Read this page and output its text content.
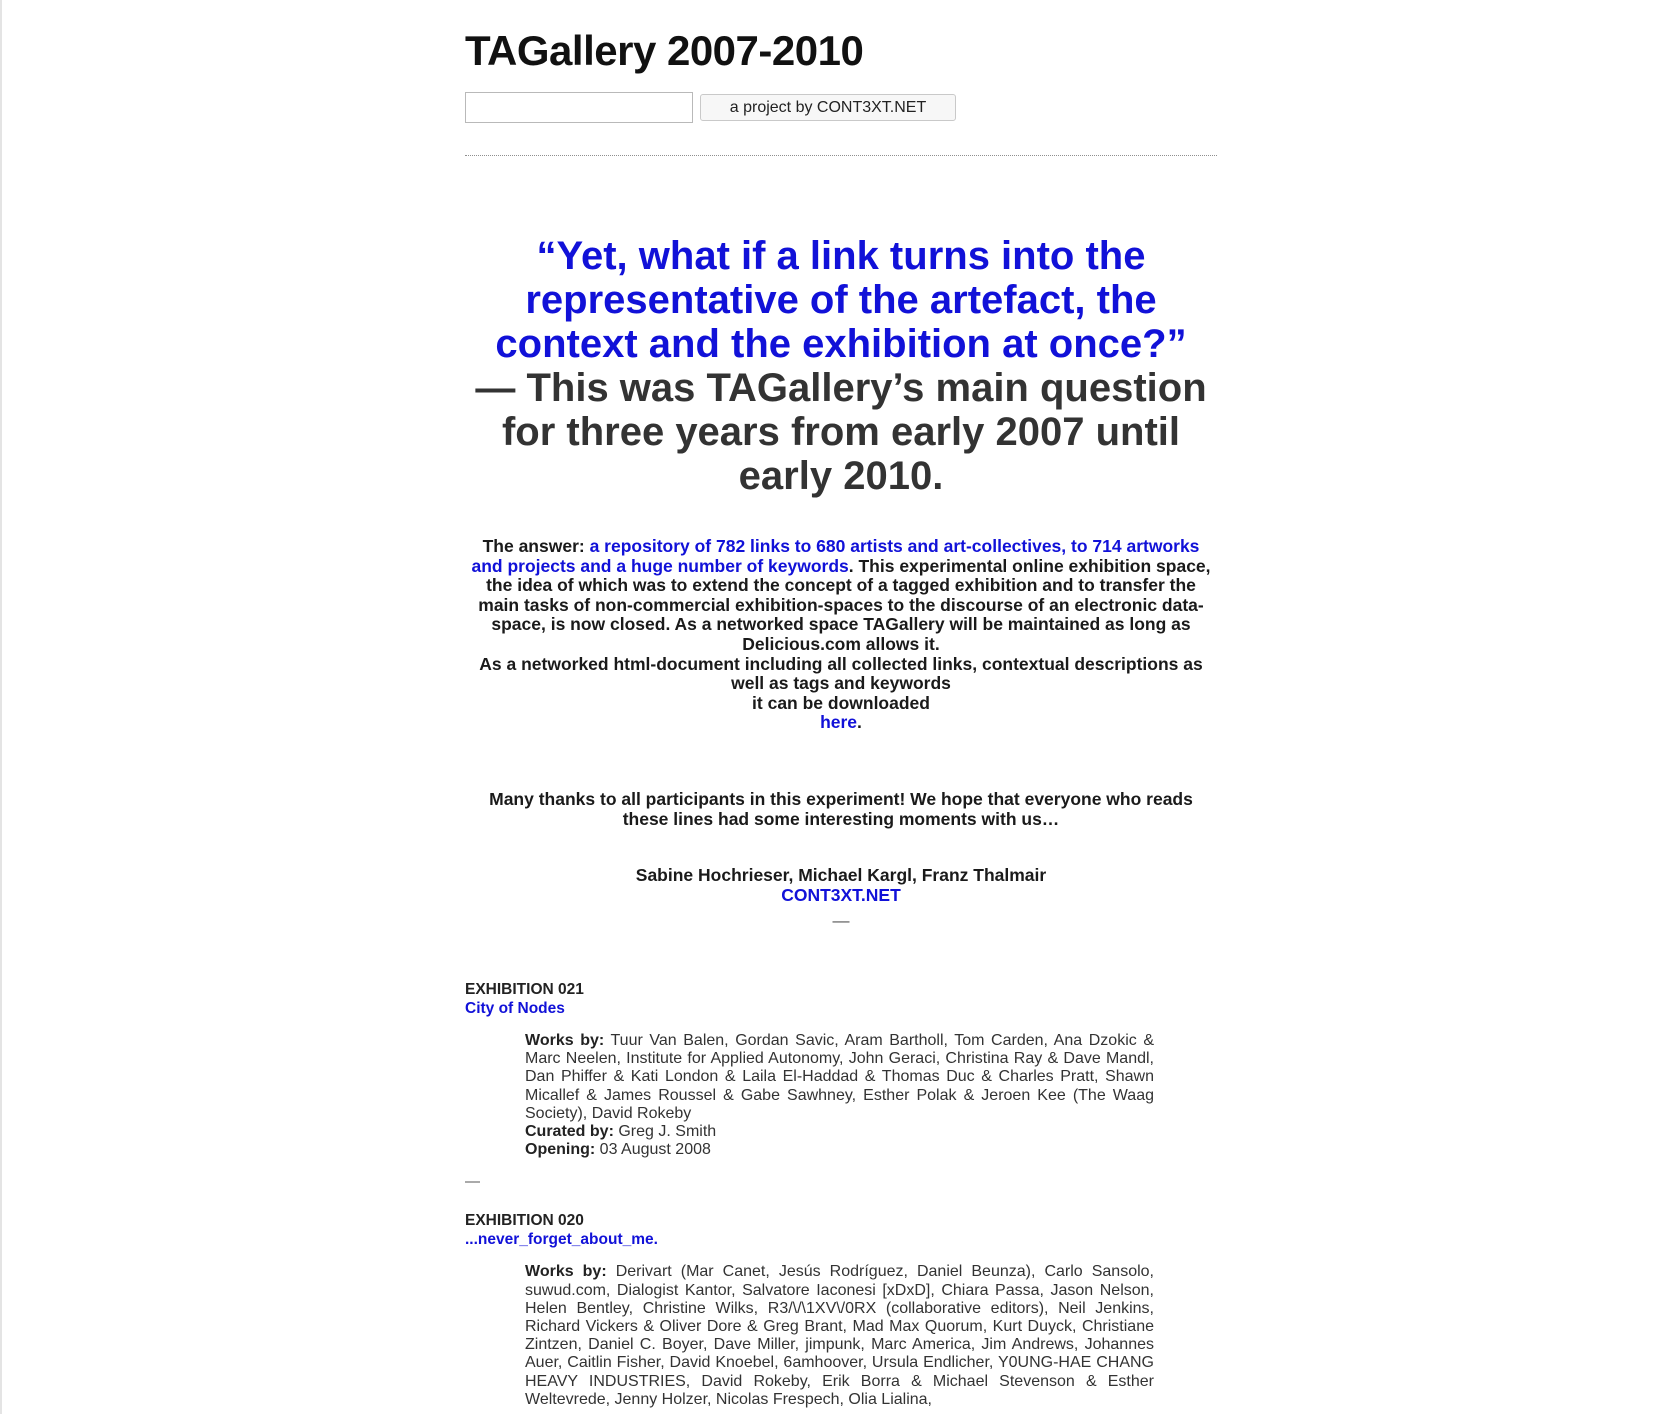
TAGallery 2007-2010
a project by CONT3XT.NET
“Yet, what if a link turns into the representative of the artefact, the context and the exhibition at once?”
— This was TAGallery’s main question for three years from early 2007 until early 2010.
The answer: a repository of 782 links to 680 artists and art-collectives, to 714 artworks and projects and a huge number of keywords. This experimental online exhibition space, the idea of which was to extend the concept of a tagged exhibition and to transfer the main tasks of non-commercial exhibition-spaces to the discourse of an electronic data-space, is now closed. As a networked space TAGallery will be maintained as long as Delicious.com allows it.
As a networked html-document including all collected links, contextual descriptions as well as tags and keywords
it can be downloaded
here.
Many thanks to all participants in this experiment! We hope that everyone who reads these lines had some interesting moments with us…
Sabine Hochrieser, Michael Kargl, Franz Thalmair
CONT3XT.NET
—
EXHIBITION 021
City of Nodes
Works by: Tuur Van Balen, Gordan Savic, Aram Bartholl, Tom Carden, Ana Dzokic & Marc Neelen, Institute for Applied Autonomy, John Geraci, Christina Ray & Dave Mandl, Dan Phiffer & Kati London & Laila El-Haddad & Thomas Duc & Charles Pratt, Shawn Micallef & James Roussel & Gabe Sawhney, Esther Polak & Jeroen Kee (The Waag Society), David Rokeby
Curated by: Greg J. Smith
Opening: 03 August 2008
—
EXHIBITION 020
...never_forget_about_me.
Works by: Derivart (Mar Canet, Jesús Rodríguez, Daniel Beunza), Carlo Sansolo, suwud.com, Dialogist Kantor, Salvatore Iaconesi [xDxD], Chiara Passa, Jason Nelson, Helen Bentley, Christine Wilks, R3/\/\1XV\/0RX (collaborative editors), Neil Jenkins, Richard Vickers & Oliver Dore & Greg Brant, Mad Max Quorum, Kurt Duyck, Christiane Zintzen, Daniel C. Boyer, Dave Miller, jimpunk, Marc America, Jim Andrews, Johannes Auer, Caitlin Fisher, David Knoebel, 6amhoover, Ursula Endlicher, Y0UNG-HAE CHANG HEAVY INDUSTRIES, David Rokeby, Erik Borra & Michael Stevenson & Esther Weltevrede, Jenny Holzer, Nicolas Frespech, Olia Lialina,
